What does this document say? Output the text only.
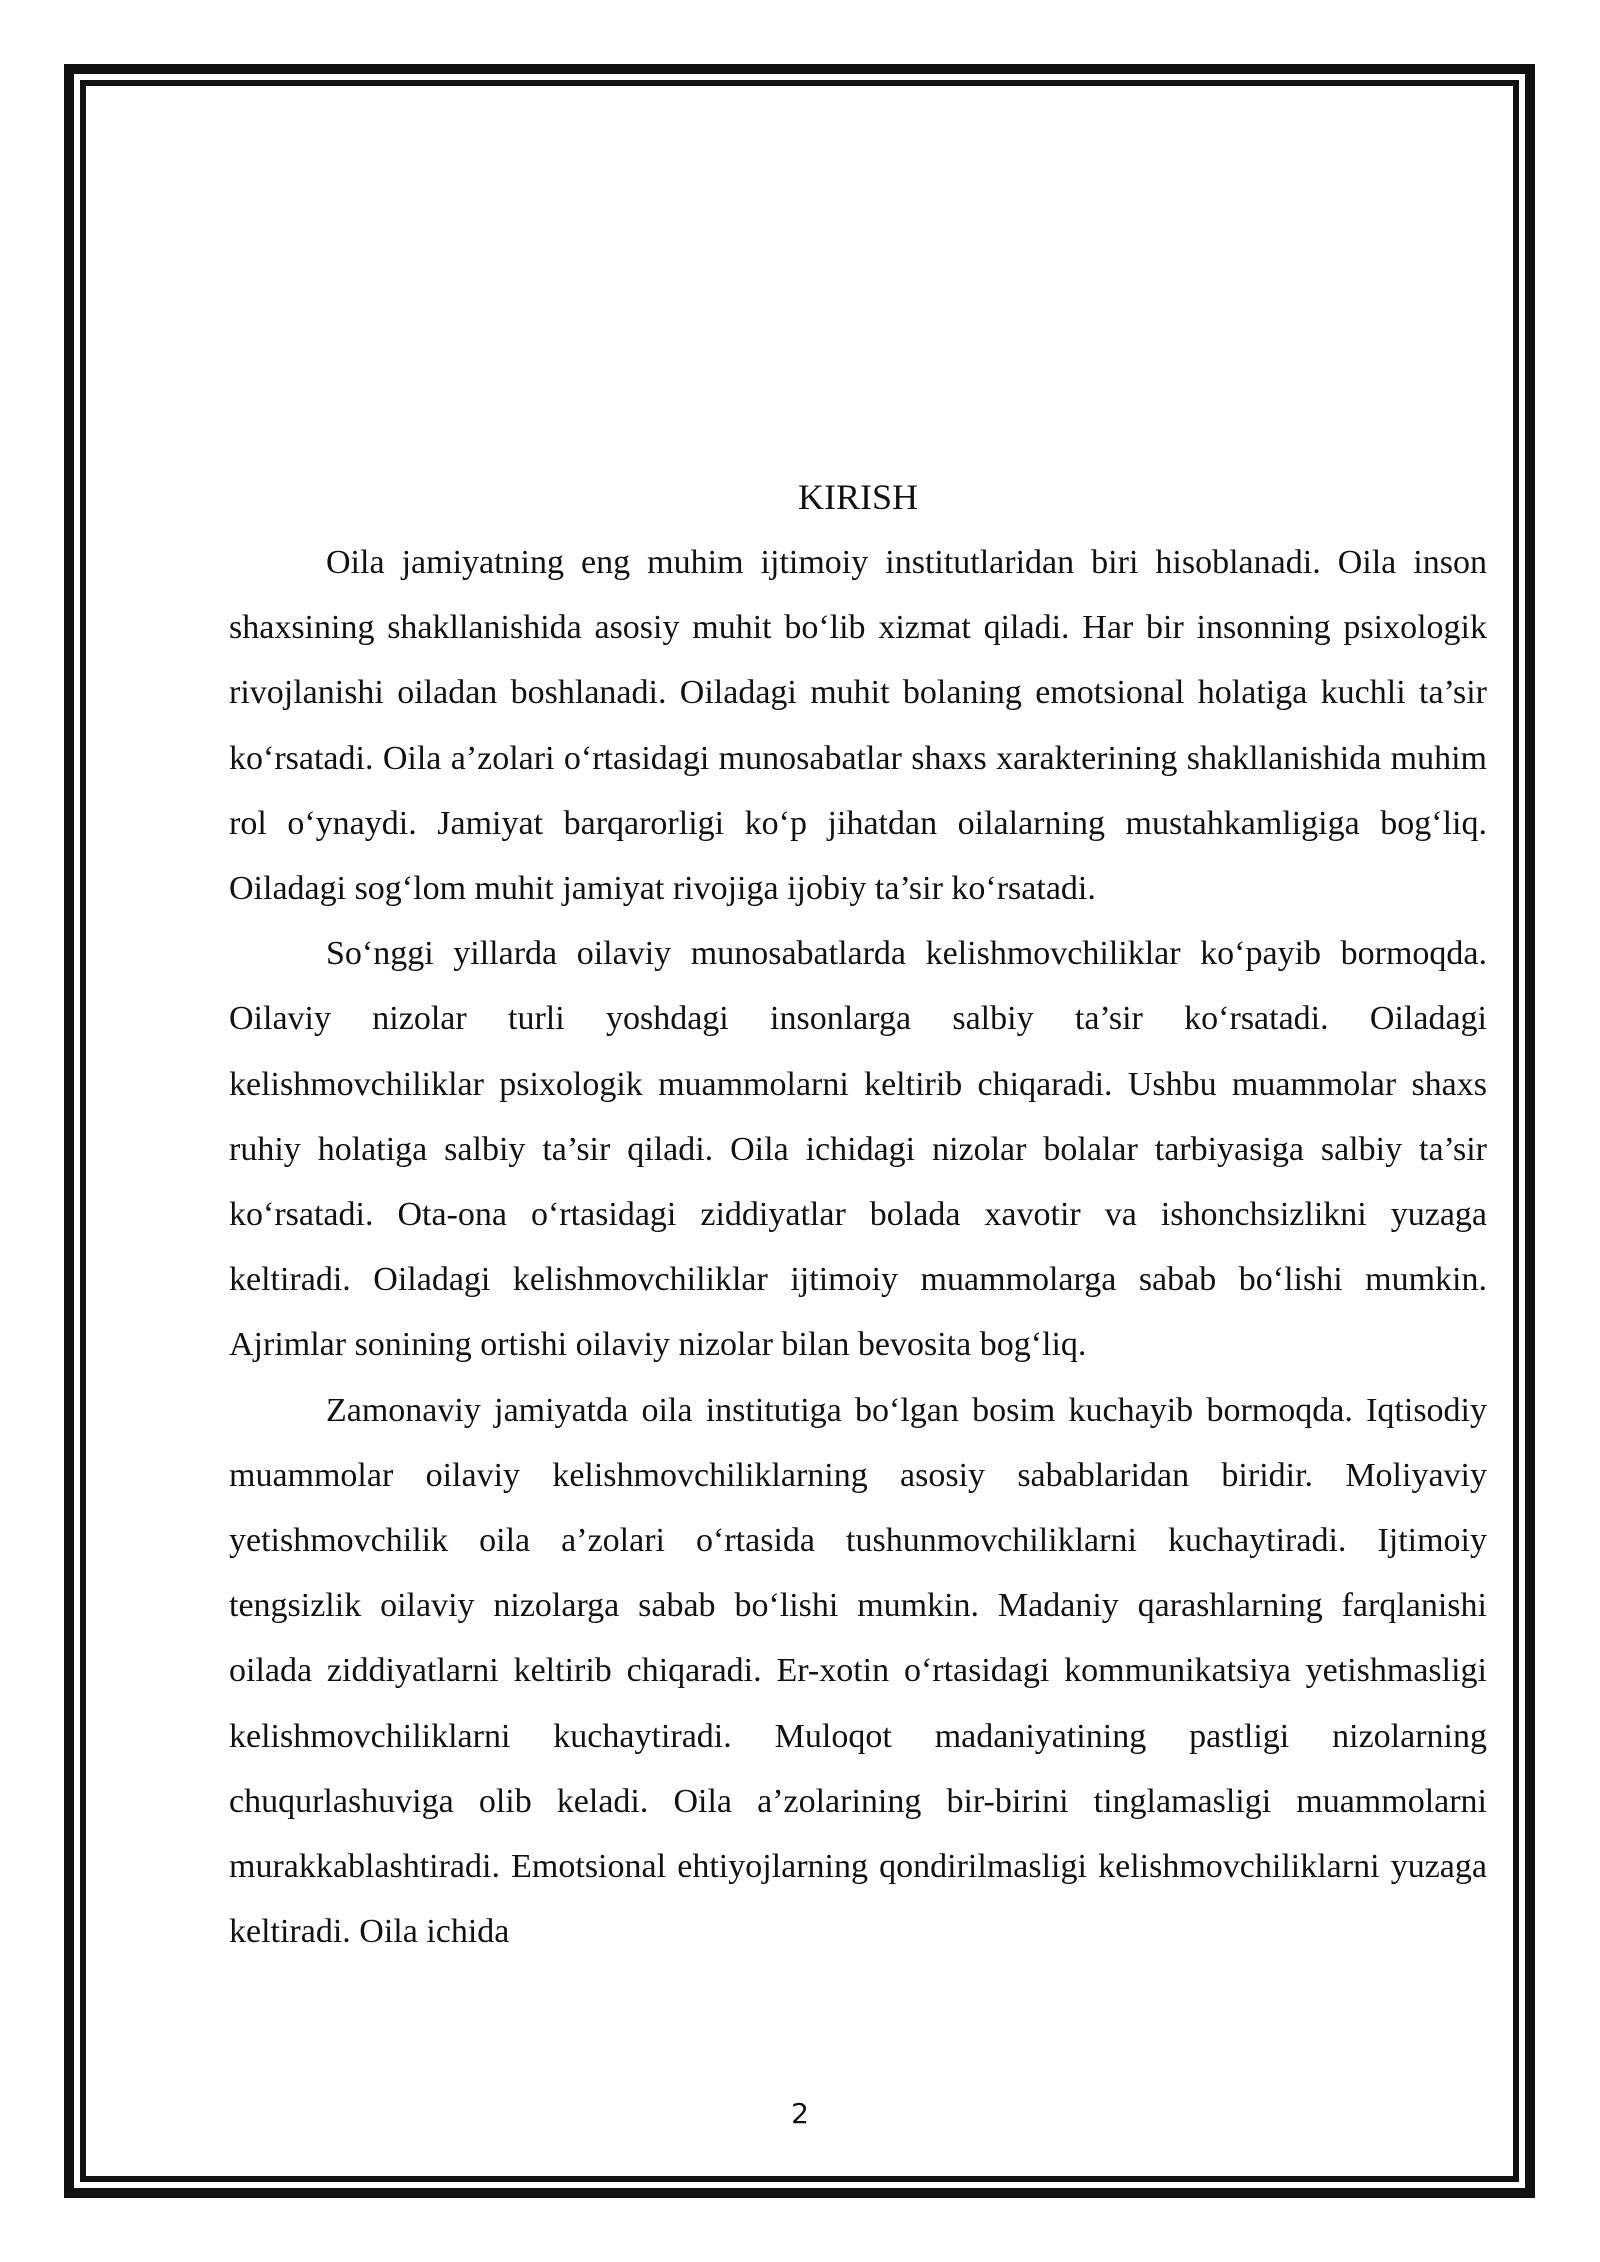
KIRISH

Oila jamiyatning eng muhim ijtimoiy institutlaridan biri hisoblanadi. Oila inson shaxsining shakllanishida asosiy muhit bo‘lib xizmat qiladi. Har bir insonning psixologik rivojlanishi oiladan boshlanadi. Oiladagi muhit bolaning emotsional holatiga kuchli ta’sir ko‘rsatadi. Oila a’zolari o‘rtasidagi munosabatlar shaxs xarakterining shakllanishida muhim rol o‘ynaydi. Jamiyat barqarorligi ko‘p jihatdan oilalarning mustahkamligiga bog‘liq. Oiladagi sog‘lom muhit jamiyat rivojiga ijobiy ta’sir ko‘rsatadi.

So‘nggi yillarda oilaviy munosabatlarda kelishmovchiliklar ko‘payib bormoqda. Oilaviy nizolar turli yoshdagi insonlarga salbiy ta’sir ko‘rsatadi. Oiladagi kelishmovchiliklar psixologik muammolarni keltirib chiqaradi. Ushbu muammolar shaxs ruhiy holatiga salbiy ta’sir qiladi. Oila ichidagi nizolar bolalar tarbiyasiga salbiy ta’sir ko‘rsatadi. Ota-ona o‘rtasidagi ziddiyatlar bolada xavotir va ishonchsizlikni yuzaga keltiradi. Oiladagi kelishmovchiliklar ijtimoiy muammolarga sabab bo‘lishi mumkin. Ajrimlar sonining ortishi oilaviy nizolar bilan bevosita bog‘liq.

Zamonaviy jamiyatda oila institutiga bo‘lgan bosim kuchayib bormoqda. Iqtisodiy muammolar oilaviy kelishmovchiliklarning asosiy sabablaridan biridir. Moliyaviy yetishmovchilik oila a’zolari o‘rtasida tushunmovchiliklarni kuchaytiradi. Ijtimoiy tengsizlik oilaviy nizolarga sabab bo‘lishi mumkin. Madaniy qarashlarning farqlanishi oilada ziddiyatlarni keltirib chiqaradi. Er-xotin o‘rtasidagi kommunikatsiya yetishmasligi kelishmovchiliklarni kuchaytiradi. Muloqot madaniyatining pastligi nizolarning chuqurlashuviga olib keladi. Oila a’zolarining bir-birini tinglamasligi muammolarni murakkablashtiradi. Emotsional ehtiyojlarning qondirilmasligi kelishmovchiliklarni yuzaga keltiradi. Oila ichida

2
